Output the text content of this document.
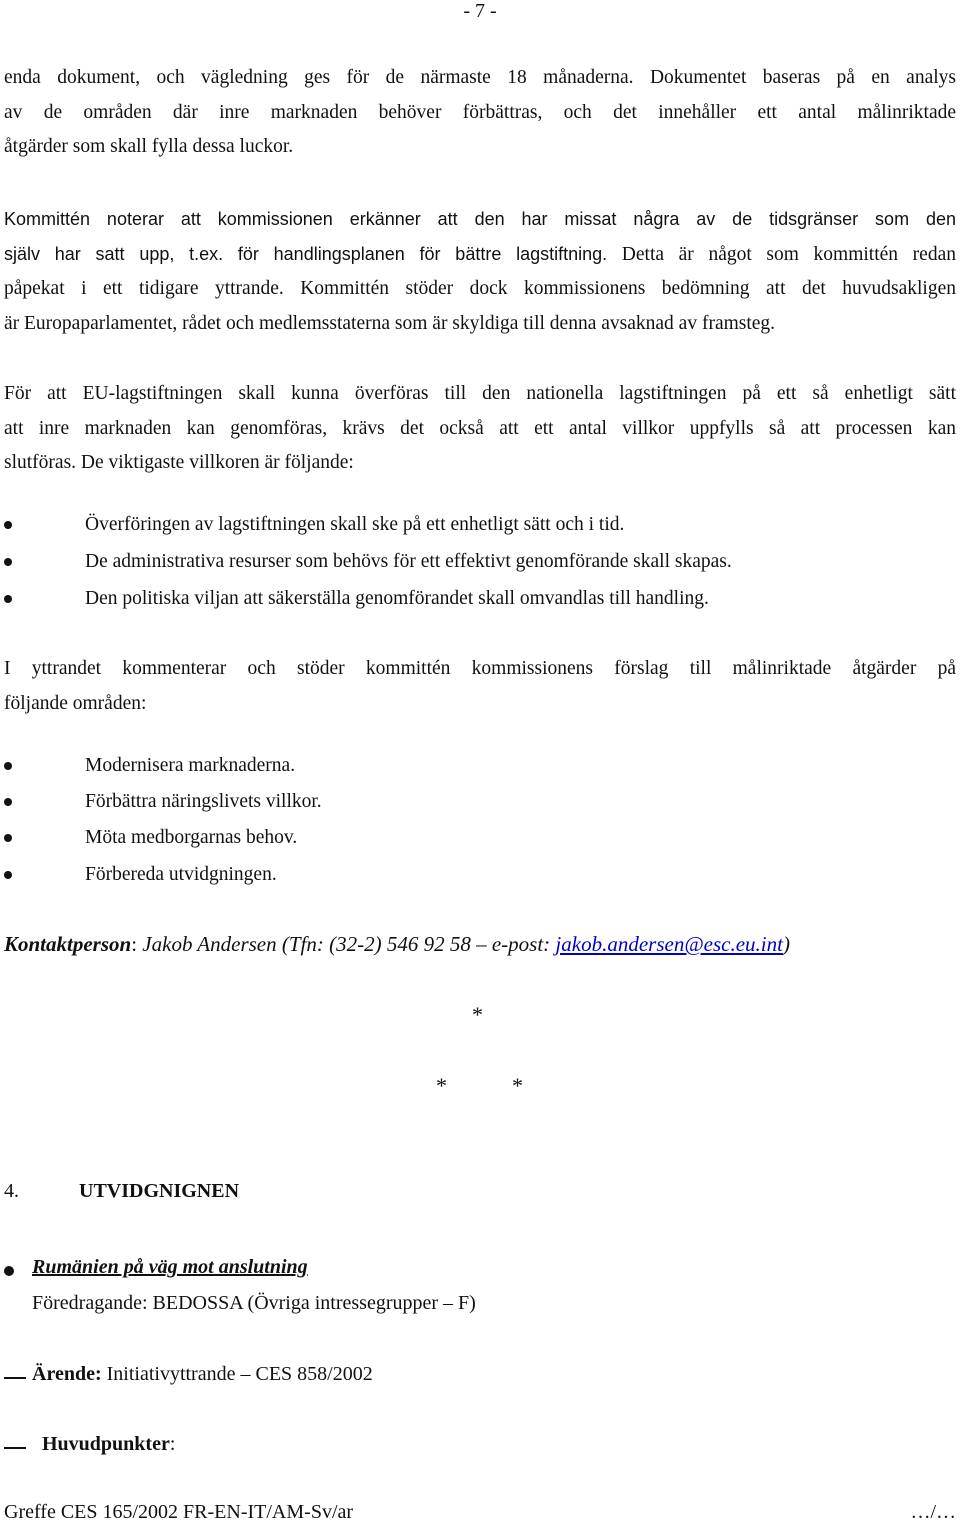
- 7 -
enda dokument, och vägledning ges för de närmaste 18 månaderna. Dokumentet baseras på en analys
av de områden där inre marknaden behöver förbättras, och det innehåller ett antal målinriktade
åtgärder som skall fylla dessa luckor.
Kommittén noterar att kommissionen erkänner att den har missat några av de tidsgränser som den
själv har satt upp, t.ex. för handlingsplanen för bättre lagstiftning. Detta är något som kommittén redan
påpekat i ett tidigare yttrande. Kommittén stöder dock kommissionens bedömning att det huvudsakligen
är Europaparlamentet, rådet och medlemsstaterna som är skyldiga till denna avsaknad av framsteg.
För att EU-lagstiftningen skall kunna överföras till den nationella lagstiftningen på ett så enhetligt sätt
att inre marknaden kan genomföras, krävs det också att ett antal villkor uppfylls så att processen kan
slutföras. De viktigaste villkoren är följande:
Överföringen av lagstiftningen skall ske på ett enhetligt sätt och i tid.
De administrativa resurser som behövs för ett effektivt genomförande skall skapas.
Den politiska viljan att säkerställa genomförandet skall omvandlas till handling.
I yttrandet kommenterar och stöder kommittén kommissionens förslag till målinriktade åtgärder på
följande områden:
Modernisera marknaderna.
Förbättra näringslivets villkor.
Möta medborgarnas behov.
Förbereda utvidgningen.
Kontaktperson: Jakob Andersen (Tfn: (32-2) 546 92 58 – e-post: jakob.andersen@esc.eu.int)
*
*	*
4.	UTVIDGNIGNEN
Rumänien på väg mot anslutning
Föredragande: BEDOSSA (Övriga intressegrupper – F)
Ärende: Initiativyttrande – CES 858/2002
Huvudpunkter:
Greffe CES 165/2002 FR-EN-IT/AM-Sv/ar	…/…
